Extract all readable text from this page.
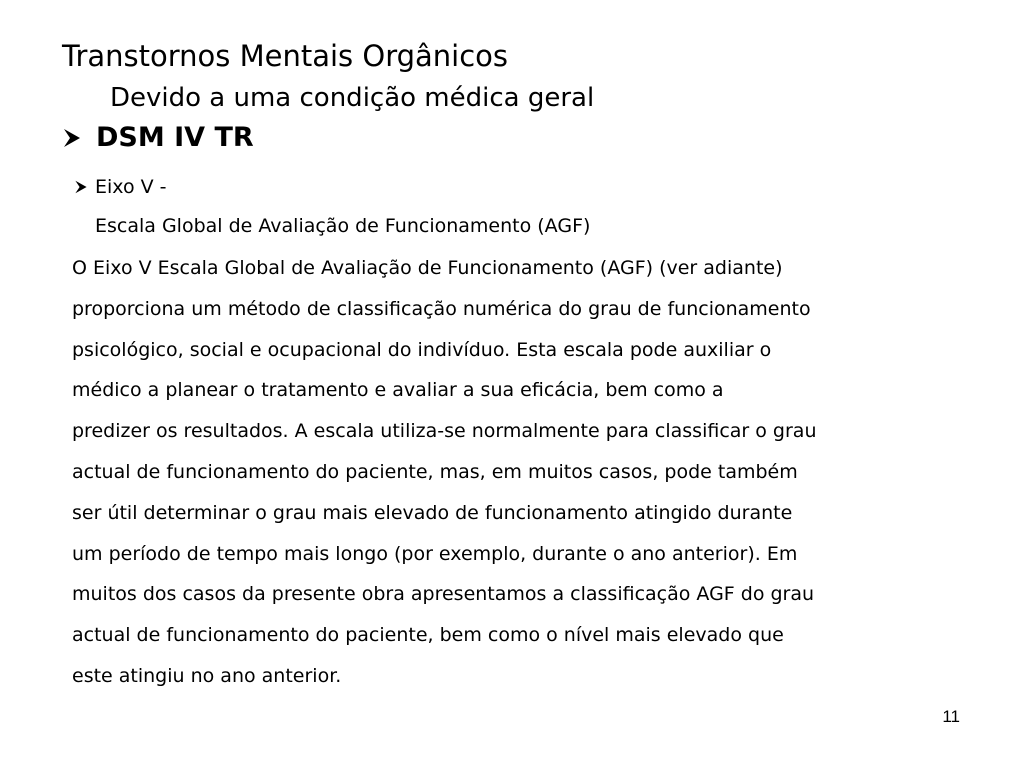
Transtornos Mentais Orgânicos
Devido a uma condição médica geral
DSM IV TR
Eixo V -
Escala Global de Avaliação de Funcionamento (AGF)
O Eixo V Escala Global de Avaliação de Funcionamento (AGF) (ver adiante)
proporciona um método de classificação numérica do grau de funcionamento
psicológico, social e ocupacional do indivíduo. Esta escala pode auxiliar o
médico a planear o tratamento e avaliar a sua eficácia, bem como a
predizer os resultados. A escala utiliza-se normalmente para classificar o grau
actual de funcionamento do paciente, mas, em muitos casos, pode também
ser útil determinar o grau mais elevado de funcionamento atingido durante
um período de tempo mais longo (por exemplo, durante o ano anterior). Em
muitos dos casos da presente obra apresentamos a classificação AGF do grau
actual de funcionamento do paciente, bem como o nível mais elevado que
este atingiu no ano anterior.
11
